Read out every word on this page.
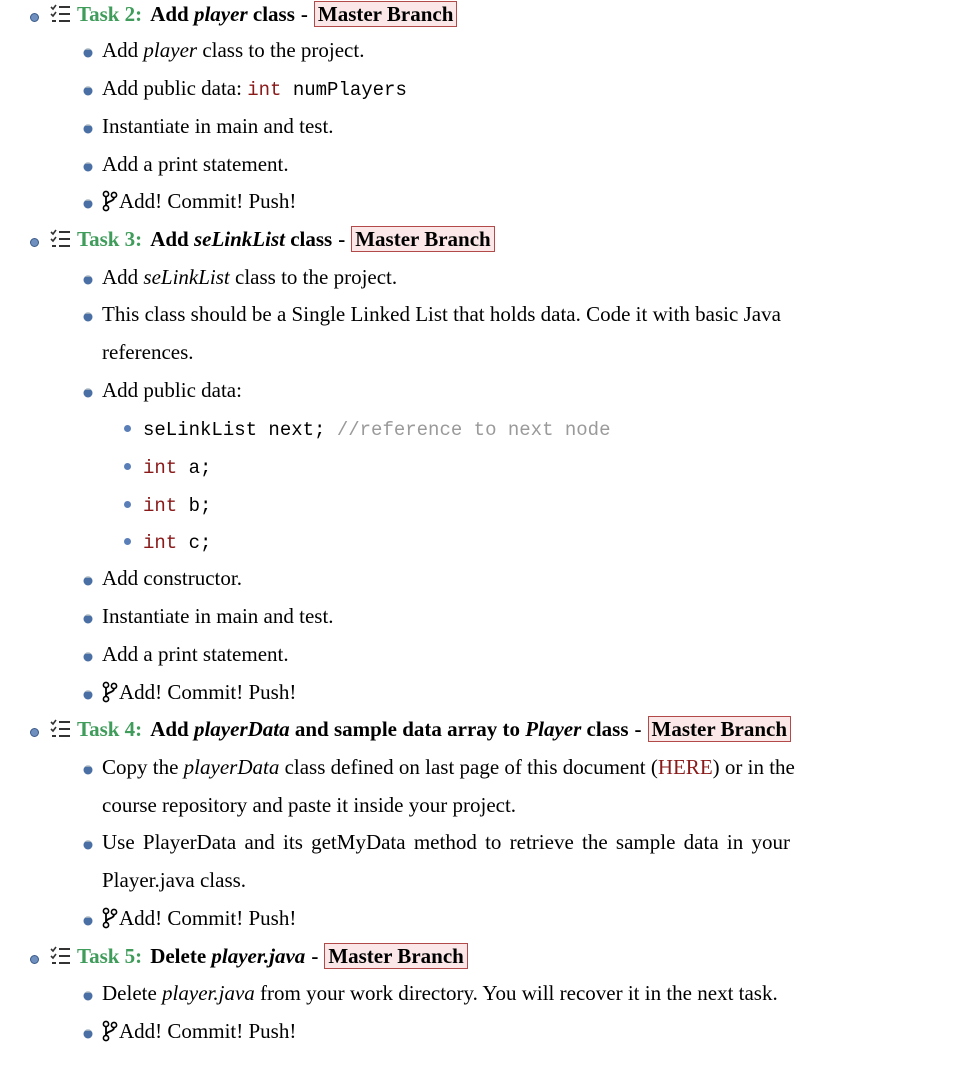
Task 2: Add player class - Master Branch
Add player class to the project.
Add public data: int numPlayers
Instantiate in main and test.
Add a print statement.
Add! Commit! Push!
Task 3: Add seLinkList class - Master Branch
Add seLinkList class to the project.
This class should be a Single Linked List that holds data. Code it with basic Java
references.
Add public data:
seLinkList next; //reference to next node
int a;
int b;
int c;
Add constructor.
Instantiate in main and test.
Add a print statement.
Add! Commit! Push!
Task 4: Add playerData and sample data array to Player class - Master Branch
Copy the playerData class defined on last page of this document (HERE) or in the
course repository and paste it inside your project.
Use PlayerData and its getMyData method to retrieve the sample data in your
Player.java class.
Add! Commit! Push!
Task 5: Delete player.java - Master Branch
Delete player.java from your work directory. You will recover it in the next task.
Add! Commit! Push!
